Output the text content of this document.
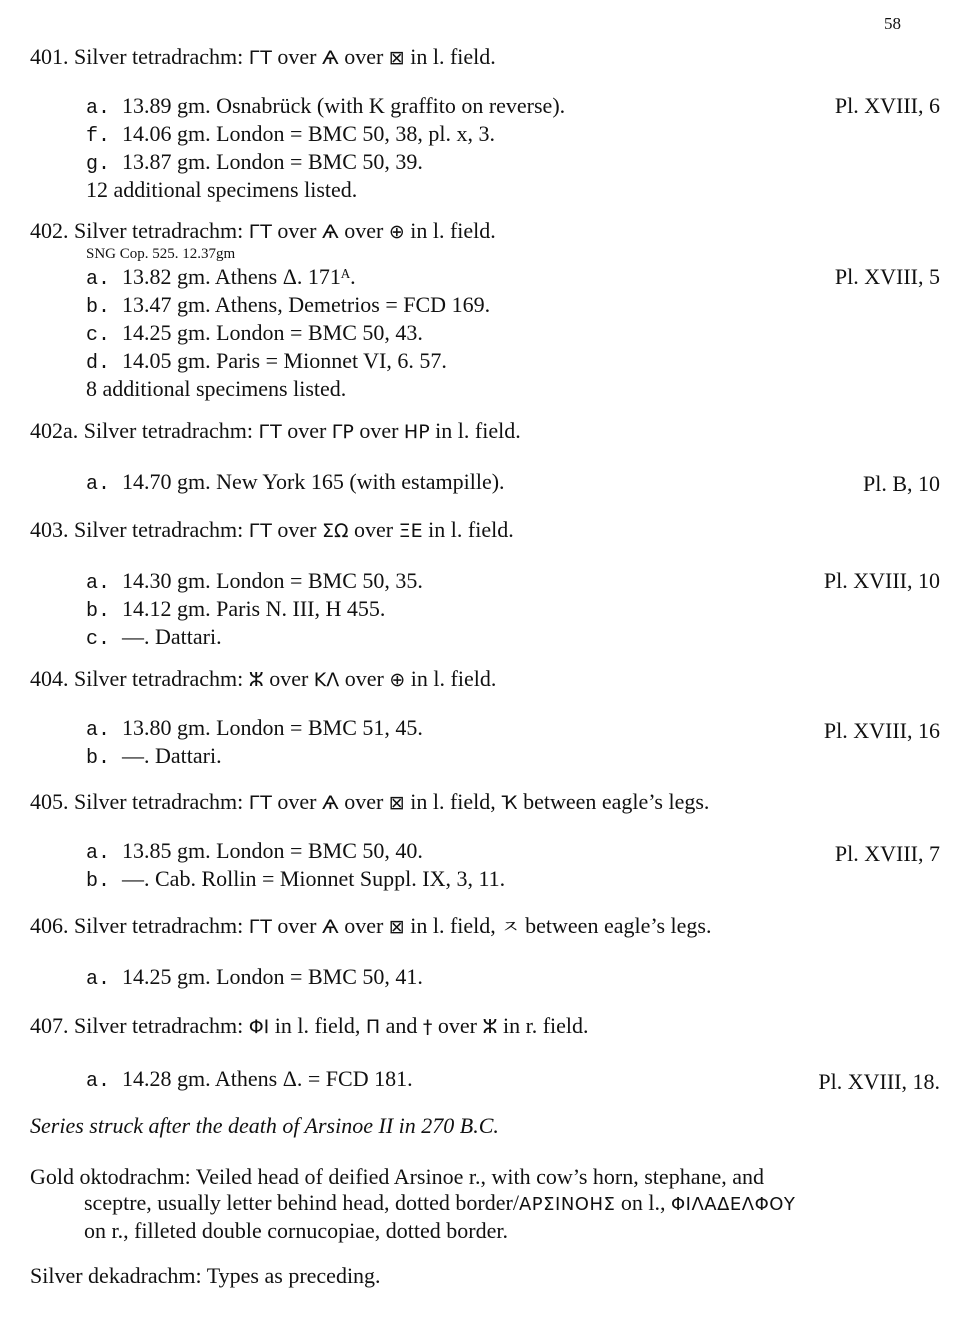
58
401. Silver tetradrachm: ГТ over Ѧ over ⊠ in l. field.
a. 13.89 gm. Osnabrück (with K graffito on reverse).	Pl. XVIII, 6
f. 14.06 gm. London = BMC 50, 38, pl. x, 3.
g. 13.87 gm. London = BMC 50, 39.
12 additional specimens listed.
402. Silver tetradrachm: ГТ over Ѧ over ⊕ in l. field.
SNG Cop. 525. 12.37gm
a. 13.82 gm. Athens Δ. 171ᴬ.	Pl. XVIII, 5
b. 13.47 gm. Athens, Demetrios = FCD 169.
c. 14.25 gm. London = BMC 50, 43.
d. 14.05 gm. Paris = Mionnet VI, 6. 57.
8 additional specimens listed.
402a. Silver tetradrachm: ГТ over ΓΡ over ΗΡ in l. field.
a. 14.70 gm. New York 165 (with estampille).	Pl. B, 10
403. Silver tetradrachm: ГТ over ΣΩ over ΞΕ in l. field.
a. 14.30 gm. London = BMC 50, 35.	Pl. XVIII, 10
b. 14.12 gm. Paris N. III, H 455.
c. —. Dattari.
404. Silver tetradrachm: ⵣ over ΚΛ over ⊕ in l. field.
a. 13.80 gm. London = BMC 51, 45.	Pl. XVIII, 16
b. —. Dattari.
405. Silver tetradrachm: ГТ over Ѧ over ⊠ in l. field, Ҡ between eagle’s legs.
a. 13.85 gm. London = BMC 50, 40.	Pl. XVIII, 7
b. —. Cab. Rollin = Mionnet Suppl. IX, 3, 11.
406. Silver tetradrachm: ГТ over Ѧ over ⊠ in l. field, ㅈ between eagle’s legs.
a. 14.25 gm. London = BMC 50, 41.
407. Silver tetradrachm: ΦΙ in l. field, Π and † over ⵣ in r. field.
a. 14.28 gm. Athens Δ. = FCD 181.	Pl. XVIII, 18.
Series struck after the death of Arsinoe II in 270 B.C.
Gold oktodrachm: Veiled head of deified Arsinoe r., with cow’s horn, stephane, and
sceptre, usually letter behind head, dotted border/ΑΡΣΙΝΟΗΣ on l., ΦΙΛΑΔΕΛΦΟΥ
on r., filleted double cornucopiae, dotted border.
Silver dekadrachm: Types as preceding.
